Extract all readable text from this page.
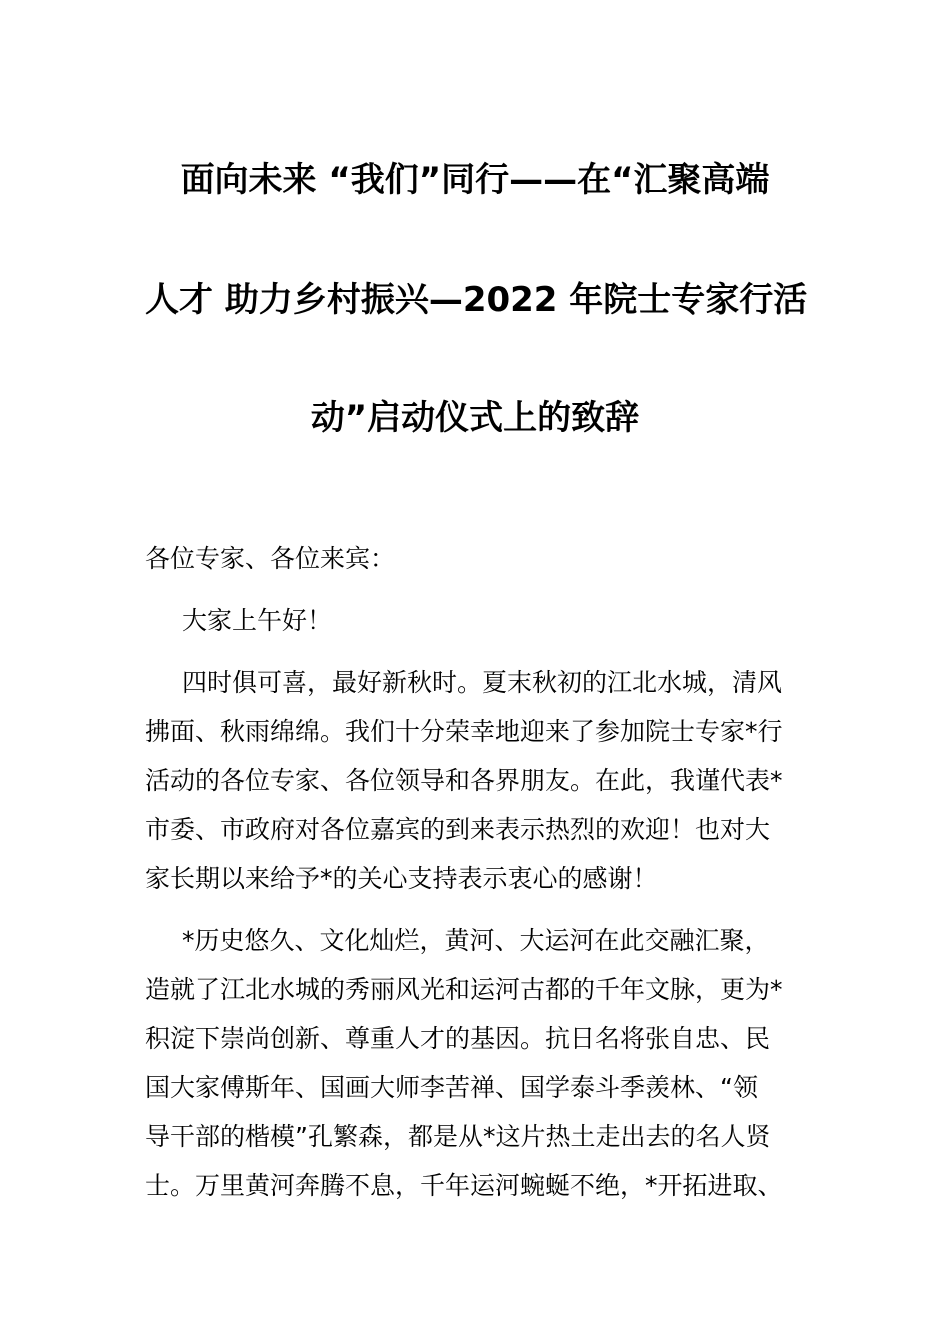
面向未来 “我们”同行——在“汇聚高端
人才 助力乡村振兴—2022 年院士专家行活
动”启动仪式上的致辞
各位专家、各位来宾：
大家上午好！
四时俱可喜，最好新秋时。夏末秋初的江北水城，清风
拂面、秋雨绵绵。我们十分荣幸地迎来了参加院士专家*行
活动的各位专家、各位领导和各界朋友。在此，我谨代表*
市委、市政府对各位嘉宾的到来表示热烈的欢迎！也对大
家长期以来给予*的关心支持表示衷心的感谢！
*历史悠久、文化灿烂，黄河、大运河在此交融汇聚，
造就了江北水城的秀丽风光和运河古都的千年文脉，更为*
积淀下崇尚创新、尊重人才的基因。抗日名将张自忠、民
国大家傅斯年、国画大师李苦禅、国学泰斗季羡林、“领
导干部的楷模”孔繁森，都是从*这片热土走出去的名人贤
士。万里黄河奔腾不息，千年运河蜿蜒不绝，*开拓进取、
